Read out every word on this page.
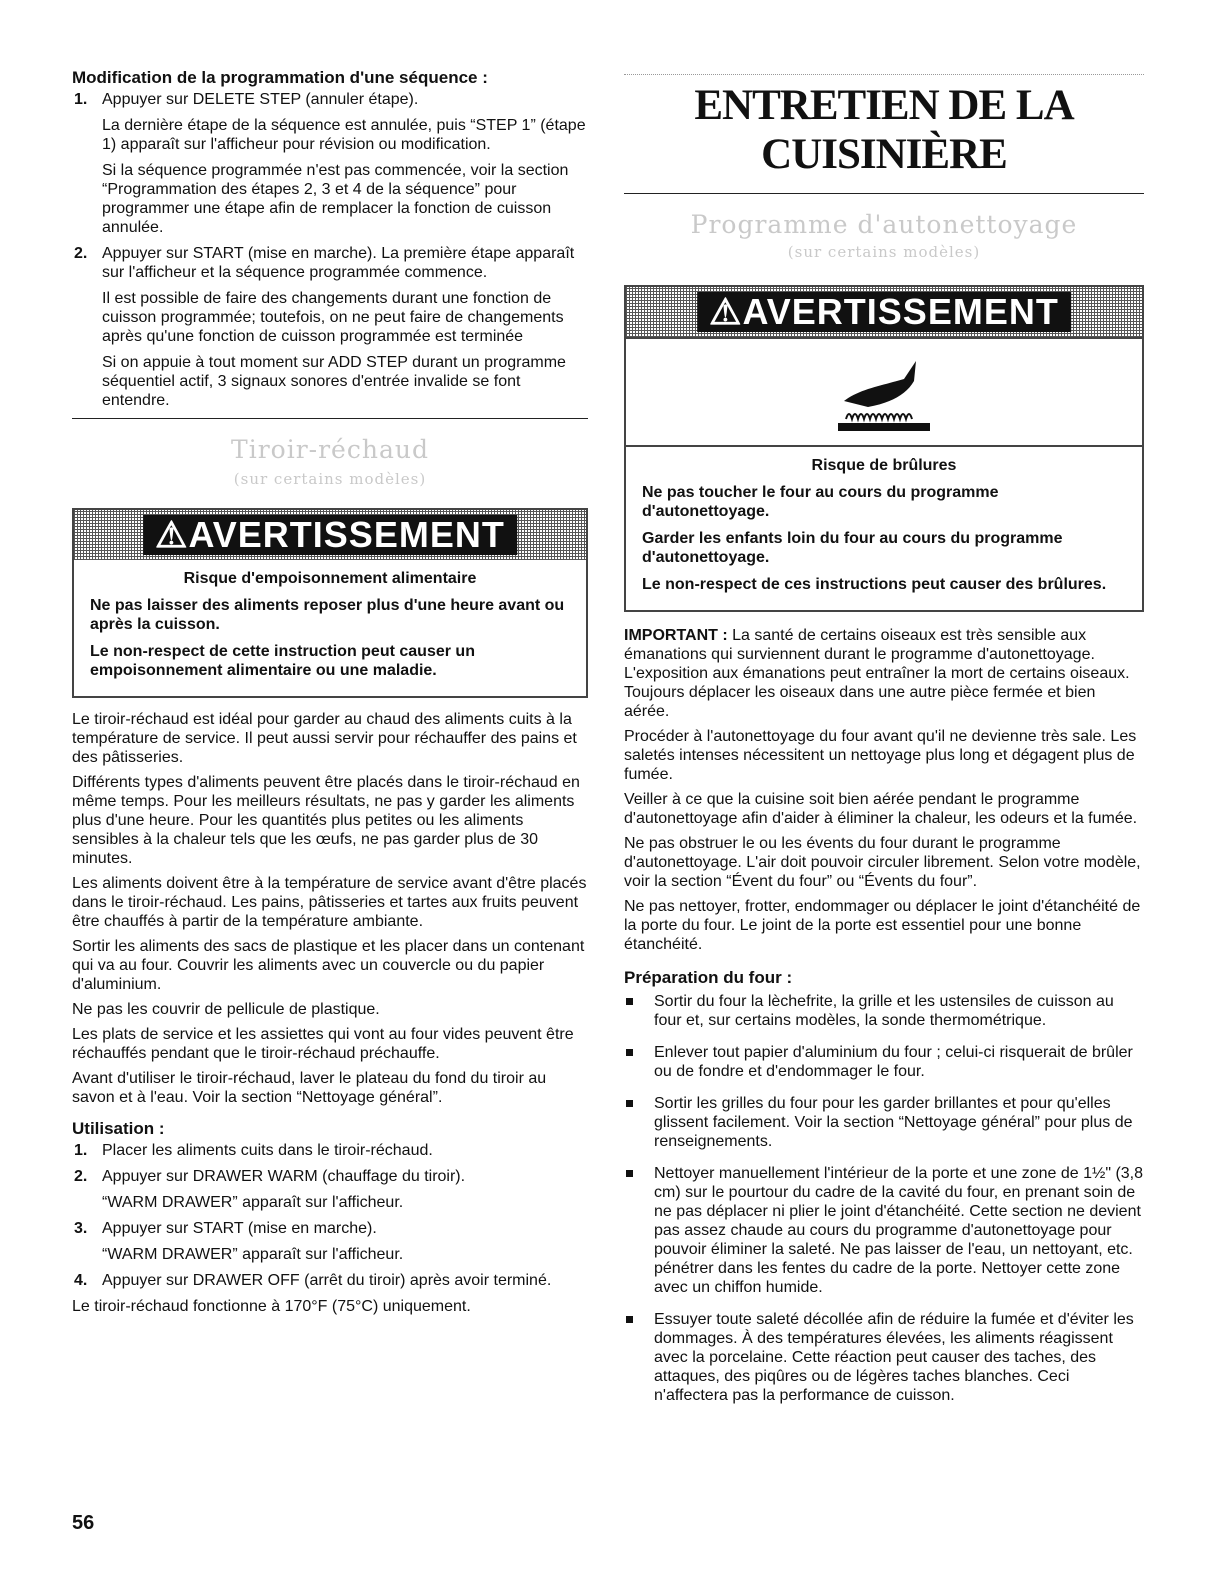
Modification de la programmation d'une séquence :
1. Appuyer sur DELETE STEP (annuler étape).

La dernière étape de la séquence est annulée, puis “STEP 1” (étape 1) apparaît sur l'afficheur pour révision ou modification.

Si la séquence programmée n'est pas commencée, voir la section “Programmation des étapes 2, 3 et 4 de la séquence” pour programmer une étape afin de remplacer la fonction de cuisson annulée.

2. Appuyer sur START (mise en marche). La première étape apparaît sur l'afficheur et la séquence programmée commence.

Il est possible de faire des changements durant une fonction de cuisson programmée; toutefois, on ne peut faire de changements après qu'une fonction de cuisson programmée est terminée

Si on appuie à tout moment sur ADD STEP durant un programme séquentiel actif, 3 signaux sonores d'entrée invalide se font entendre.

Tiroir-réchaud
(sur certains modèles)
⚠AVERTISSEMENT
Risque d'empoisonnement alimentaire
Ne pas laisser des aliments reposer plus d'une heure avant ou après la cuisson.
Le non-respect de cette instruction peut causer un empoisonnement alimentaire ou une maladie.

Le tiroir-réchaud est idéal pour garder au chaud des aliments cuits à la température de service. Il peut aussi servir pour réchauffer des pains et des pâtisseries.

Différents types d'aliments peuvent être placés dans le tiroir-réchaud en même temps. Pour les meilleurs résultats, ne pas y garder les aliments plus d'une heure. Pour les quantités plus petites ou les aliments sensibles à la chaleur tels que les œufs, ne pas garder plus de 30 minutes.

Les aliments doivent être à la température de service avant d'être placés dans le tiroir-réchaud. Les pains, pâtisseries et tartes aux fruits peuvent être chauffés à partir de la température ambiante.

Sortir les aliments des sacs de plastique et les placer dans un contenant qui va au four. Couvrir les aliments avec un couvercle ou du papier d'aluminium.

Ne pas les couvrir de pellicule de plastique.

Les plats de service et les assiettes qui vont au four vides peuvent être réchauffés pendant que le tiroir-réchaud préchauffe.

Avant d'utiliser le tiroir-réchaud, laver le plateau du fond du tiroir au savon et à l'eau. Voir la section “Nettoyage général”.

Utilisation :
1. Placer les aliments cuits dans le tiroir-réchaud.

2. Appuyer sur DRAWER WARM (chauffage du tiroir).

“WARM DRAWER” apparaît sur l'afficheur.

3. Appuyer sur START (mise en marche).

“WARM DRAWER” apparaît sur l'afficheur.

4. Appuyer sur DRAWER OFF (arrêt du tiroir) après avoir terminé.

Le tiroir-réchaud fonctionne à 170°F (75°C) uniquement.

ENTRETIEN DE LA CUISINIÈRE
Programme d'autonettoyage
(sur certains modèles)
⚠AVERTISSEMENT
Risque de brûlures
Ne pas toucher le four au cours du programme d'autonettoyage.
Garder les enfants loin du four au cours du programme d'autonettoyage.
Le non-respect de ces instructions peut causer des brûlures.

IMPORTANT : La santé de certains oiseaux est très sensible aux émanations qui surviennent durant le programme d'autonettoyage. L'exposition aux émanations peut entraîner la mort de certains oiseaux. Toujours déplacer les oiseaux dans une autre pièce fermée et bien aérée.

Procéder à l'autonettoyage du four avant qu'il ne devienne très sale. Les saletés intenses nécessitent un nettoyage plus long et dégagent plus de fumée.

Veiller à ce que la cuisine soit bien aérée pendant le programme d'autonettoyage afin d'aider à éliminer la chaleur, les odeurs et la fumée.

Ne pas obstruer le ou les évents du four durant le programme d'autonettoyage. L'air doit pouvoir circuler librement. Selon votre modèle, voir la section “Évent du four” ou “Évents du four”.

Ne pas nettoyer, frotter, endommager ou déplacer le joint d'étanchéité de la porte du four. Le joint de la porte est essentiel pour une bonne étanchéité.

Préparation du four :
Sortir du four la lèchefrite, la grille et les ustensiles de cuisson au four et, sur certains modèles, la sonde thermométrique.
Enlever tout papier d'aluminium du four ; celui-ci risquerait de brûler ou de fondre et d'endommager le four.
Sortir les grilles du four pour les garder brillantes et pour qu'elles glissent facilement. Voir la section “Nettoyage général” pour plus de renseignements.
Nettoyer manuellement l'intérieur de la porte et une zone de 1½" (3,8 cm) sur le pourtour du cadre de la cavité du four, en prenant soin de ne pas déplacer ni plier le joint d'étanchéité. Cette section ne devient pas assez chaude au cours du programme d'autonettoyage pour pouvoir éliminer la saleté. Ne pas laisser de l'eau, un nettoyant, etc. pénétrer dans les fentes du cadre de la porte. Nettoyer cette zone avec un chiffon humide.
Essuyer toute saleté décollée afin de réduire la fumée et d'éviter les dommages. À des températures élevées, les aliments réagissent avec la porcelaine. Cette réaction peut causer des taches, des attaques, des piqûres ou de légères taches blanches. Ceci n'affectera pas la performance de cuisson.
56
